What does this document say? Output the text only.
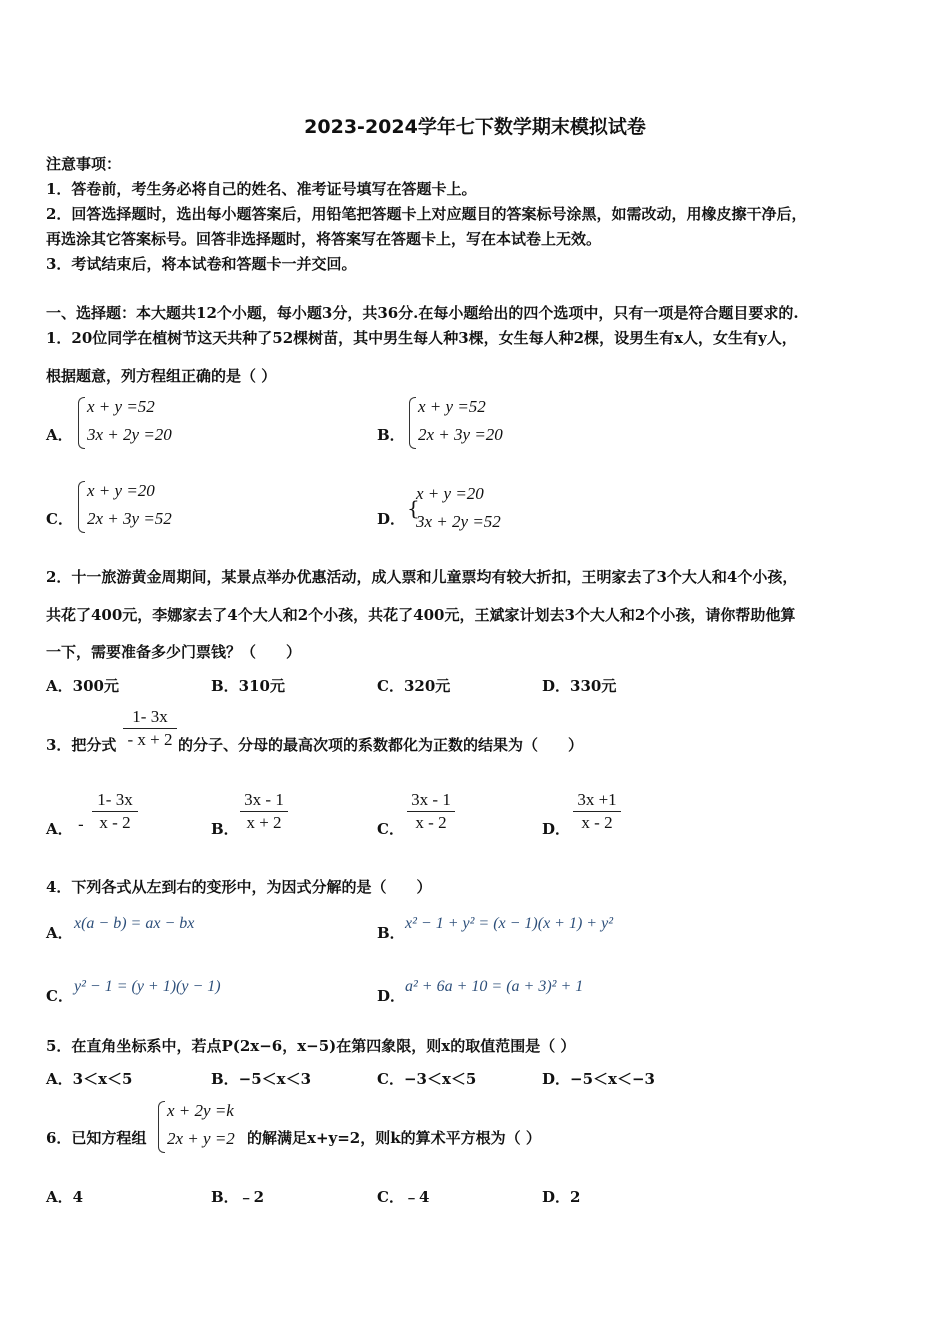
2023-2024学年七下数学期末模拟试卷
注意事项：
1．答卷前，考生务必将自己的姓名、准考证号填写在答题卡上。
2．回答选择题时，选出每小题答案后，用铅笔把答题卡上对应题目的答案标号涂黑，如需改动，用橡皮擦干净后，
再选涂其它答案标号。回答非选择题时，将答案写在答题卡上，写在本试卷上无效。
3．考试结束后，将本试卷和答题卡一并交回。
一、选择题：本大题共12个小题，每小题3分，共36分.在每小题给出的四个选项中，只有一项是符合题目要求的.
1．20位同学在植树节这天共种了52棵树苗，其中男生每人种3棵，女生每人种2棵，设男生有x人，女生有y人，
根据题意，列方程组正确的是（ ）
A．
x + y =52
3x + 2y =20	B．
x + y =52
2x + 3y =20
C．
x + y =20
2x + 3y =52	D． {
x + y =20
3x + 2y =52
2．十一旅游黄金周期间，某景点举办优惠活动，成人票和儿童票均有较大折扣，王明家去了3个大人和4个小孩，
共花了400元，李娜家去了4个大人和2个小孩，共花了400元，王斌家计划去3个大人和2个小孩，请你帮助他算
一下，需要准备多少门票钱？（　　）
A．300元	B．310元	C．320元	D．330元
3．把分式
1- 3x
- x + 2 的分子、分母的最高次项的系数都化为正数的结果为（　　）
A． -
1- 3x
x - 2	B．
3x - 1
x + 2	C．
3x - 1
x - 2	D．
3x +1
x - 2
4．下列各式从左到右的变形中，为因式分解的是（　　）
A．
x(a − b) = ax − bx
B．
x² − 1 + y² = (x − 1)(x + 1) + y²
C．
y² − 1 = (y + 1)(y − 1)
D．
a² + 6a + 10 = (a + 3)² + 1
5．在直角坐标系中，若点P(2x−6，x−5)在第四象限，则x的取值范围是（ ）
A．3＜x＜5	B．−5＜x＜3	C．−3＜x＜5	D．−5＜x＜−3
6．已知方程组
x + 2y =k
2x + y =2 的解满足x+y=2，则k的算术平方根为（ ）
A．4	B．﹣2	C．﹣4	D．2
